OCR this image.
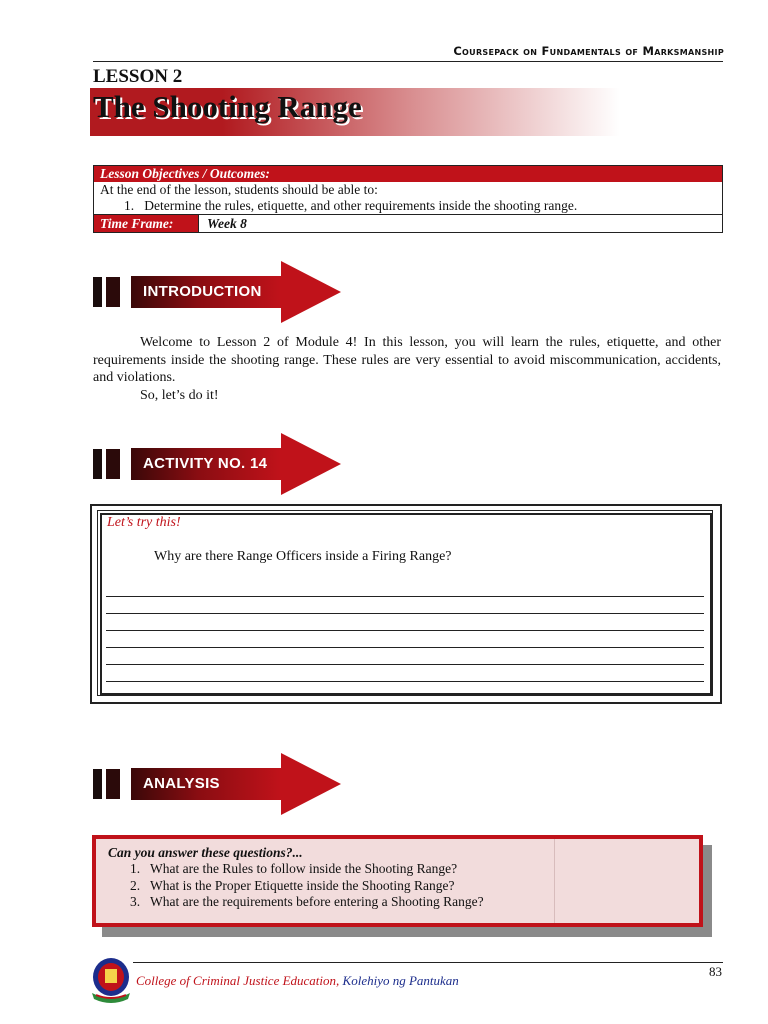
Coursepack on Fundamentals of Marksmanship
LESSON 2
The Shooting Range
Lesson Objectives / Outcomes:
At the end of the lesson, students should be able to:
1.   Determine the rules, etiquette, and other requirements inside the shooting range.
Time Frame:	Week 8
INTRODUCTION

Welcome to Lesson 2 of Module 4! In this lesson, you will learn the rules, etiquette, and other requirements inside the shooting range. These rules are very essential to avoid miscommunication, accidents, and violations.

So, let’s do it!

ACTIVITY NO. 14
Let’s try this!
Why are there Range Officers inside a Firing Range?
ANALYSIS
Can you answer these questions?...
1.   What are the Rules to follow inside the Shooting Range?
2.   What is the Proper Etiquette inside the Shooting Range?
3.   What are the requirements before entering a Shooting Range?
83
College of Criminal Justice Education, Kolehiyo ng Pantukan
